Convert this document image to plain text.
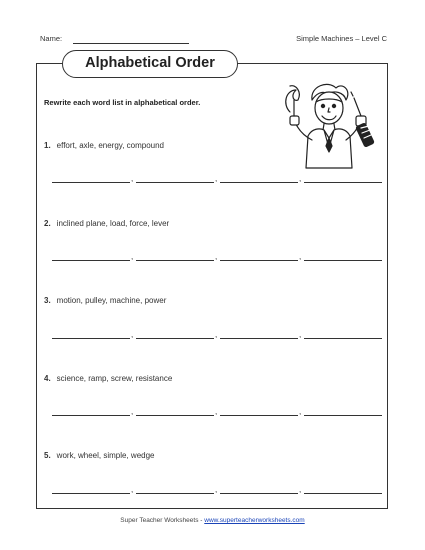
Name:	Simple Machines – Level C
Alphabetical Order
Rewrite each word list in alphabetical order.
1. effort, axle, energy, compound
,	,	,
2. inclined plane, load, force, lever
,	,	,
3. motion, pulley, machine, power
,	,	,
4. science, ramp, screw, resistance
,	,	,
5. work, wheel, simple, wedge
,	,	,
Super Teacher Worksheets - www.superteacherworksheets.com
